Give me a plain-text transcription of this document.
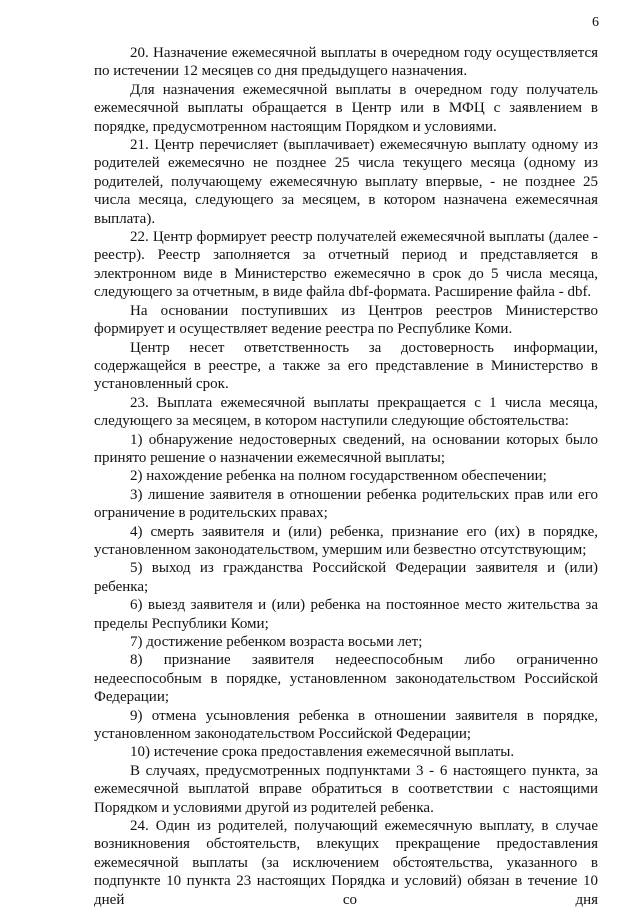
6

20. Назначение ежемесячной выплаты в очередном году осуществляется по истечении 12 месяцев со дня предыдущего назначения.

Для назначения ежемесячной выплаты в очередном году получатель ежемесячной выплаты обращается в Центр или в МФЦ с заявлением в порядке, предусмотренном настоящим Порядком и условиями.

21. Центр перечисляет (выплачивает) ежемесячную выплату одному из родителей ежемесячно не позднее 25 числа текущего месяца (одному из родителей, получающему ежемесячную выплату впервые, - не позднее 25 числа месяца, следующего за месяцем, в котором назначена ежемесячная выплата).

22. Центр формирует реестр получателей ежемесячной выплаты (далее - реестр). Реестр заполняется за отчетный период и представляется в электронном виде в Министерство ежемесячно в срок до 5 числа месяца, следующего за отчетным, в виде файла dbf-формата. Расширение файла - dbf.

На основании поступивших из Центров реестров Министерство формирует и осуществляет ведение реестра по Республике Коми.

Центр несет ответственность за достоверность информации, содержащейся в реестре, а также за его представление в Министерство в установленный срок.

23. Выплата ежемесячной выплаты прекращается с 1 числа месяца, следующего за месяцем, в котором наступили следующие обстоятельства:

1) обнаружение недостоверных сведений, на основании которых было принято решение о назначении ежемесячной выплаты;

2) нахождение ребенка на полном государственном обеспечении;

3) лишение заявителя в отношении ребенка родительских прав или его ограничение в родительских правах;

4) смерть заявителя и (или) ребенка, признание его (их) в порядке, установленном законодательством, умершим или безвестно отсутствующим;

5) выход из гражданства Российской Федерации заявителя и (или) ребенка;

6) выезд заявителя и (или) ребенка на постоянное место жительства за пределы Республики Коми;

7) достижение ребенком возраста восьми лет;

8) признание заявителя недееспособным либо ограниченно недееспособным в порядке, установленном законодательством Российской Федерации;

9) отмена усыновления ребенка в отношении заявителя в порядке, установленном законодательством Российской Федерации;

10) истечение срока предоставления ежемесячной выплаты.

В случаях, предусмотренных подпунктами 3 - 6 настоящего пункта, за ежемесячной выплатой вправе обратиться в соответствии с настоящими Порядком и условиями другой из родителей ребенка.

24. Один из родителей, получающий ежемесячную выплату, в случае возникновения обстоятельств, влекущих прекращение предоставления ежемесячной выплаты (за исключением обстоятельства, указанного в подпункте 10 пункта 23 настоящих Порядка и условий) обязан в течение 10 дней со дня
